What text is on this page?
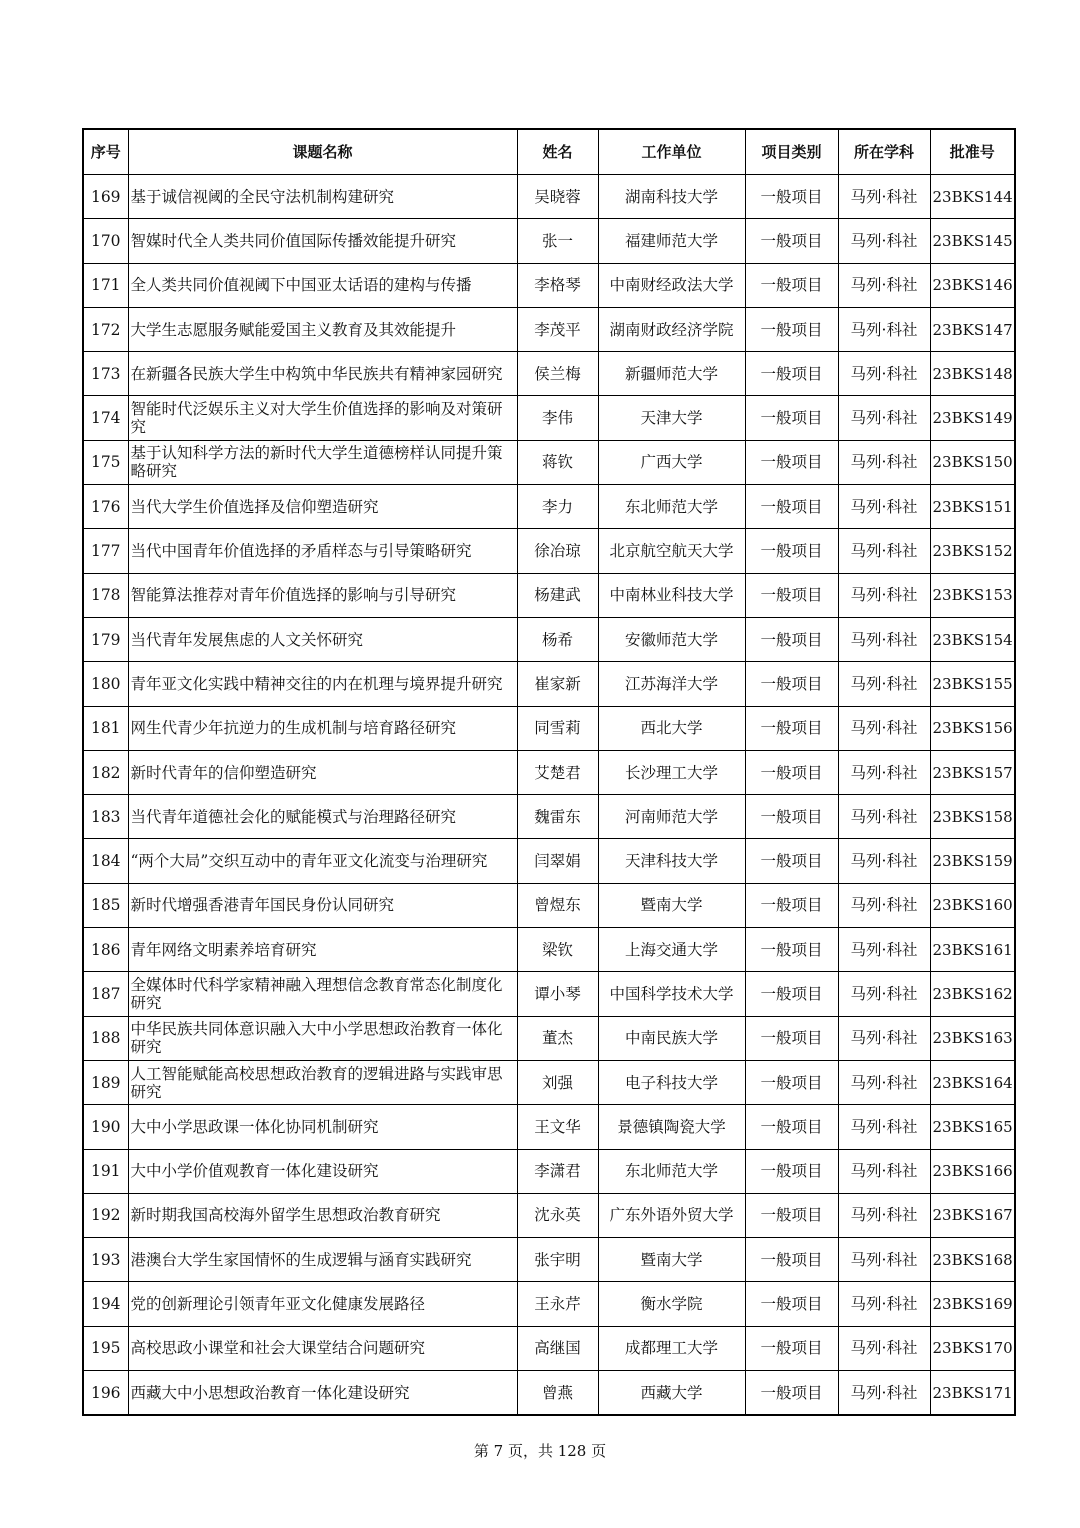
序号	课题名称	姓名	工作单位	项目类别	所在学科	批准号
169	基于诚信视阈的全民守法机制构建研究	吴晓蓉	湖南科技大学	一般项目	马列·科社	23BKS144
170	智媒时代全人类共同价值国际传播效能提升研究	张一	福建师范大学	一般项目	马列·科社	23BKS145
171	全人类共同价值视阈下中国亚太话语的建构与传播	李格琴	中南财经政法大学	一般项目	马列·科社	23BKS146
172	大学生志愿服务赋能爱国主义教育及其效能提升	李茂平	湖南财政经济学院	一般项目	马列·科社	23BKS147
173	在新疆各民族大学生中构筑中华民族共有精神家园研究	侯兰梅	新疆师范大学	一般项目	马列·科社	23BKS148
174	智能时代泛娱乐主义对大学生价值选择的影响及对策研究	李伟	天津大学	一般项目	马列·科社	23BKS149
175	基于认知科学方法的新时代大学生道德榜样认同提升策略研究	蒋钦	广西大学	一般项目	马列·科社	23BKS150
176	当代大学生价值选择及信仰塑造研究	李力	东北师范大学	一般项目	马列·科社	23BKS151
177	当代中国青年价值选择的矛盾样态与引导策略研究	徐冶琼	北京航空航天大学	一般项目	马列·科社	23BKS152
178	智能算法推荐对青年价值选择的影响与引导研究	杨建武	中南林业科技大学	一般项目	马列·科社	23BKS153
179	当代青年发展焦虑的人文关怀研究	杨希	安徽师范大学	一般项目	马列·科社	23BKS154
180	青年亚文化实践中精神交往的内在机理与境界提升研究	崔家新	江苏海洋大学	一般项目	马列·科社	23BKS155
181	网生代青少年抗逆力的生成机制与培育路径研究	同雪莉	西北大学	一般项目	马列·科社	23BKS156
182	新时代青年的信仰塑造研究	艾楚君	长沙理工大学	一般项目	马列·科社	23BKS157
183	当代青年道德社会化的赋能模式与治理路径研究	魏雷东	河南师范大学	一般项目	马列·科社	23BKS158
184	“两个大局”交织互动中的青年亚文化流变与治理研究	闫翠娟	天津科技大学	一般项目	马列·科社	23BKS159
185	新时代增强香港青年国民身份认同研究	曾煜东	暨南大学	一般项目	马列·科社	23BKS160
186	青年网络文明素养培育研究	梁钦	上海交通大学	一般项目	马列·科社	23BKS161
187	全媒体时代科学家精神融入理想信念教育常态化制度化研究	谭小琴	中国科学技术大学	一般项目	马列·科社	23BKS162
188	中华民族共同体意识融入大中小学思想政治教育一体化研究	董杰	中南民族大学	一般项目	马列·科社	23BKS163
189	人工智能赋能高校思想政治教育的逻辑进路与实践审思研究	刘强	电子科技大学	一般项目	马列·科社	23BKS164
190	大中小学思政课一体化协同机制研究	王文华	景德镇陶瓷大学	一般项目	马列·科社	23BKS165
191	大中小学价值观教育一体化建设研究	李潇君	东北师范大学	一般项目	马列·科社	23BKS166
192	新时期我国高校海外留学生思想政治教育研究	沈永英	广东外语外贸大学	一般项目	马列·科社	23BKS167
193	港澳台大学生家国情怀的生成逻辑与涵育实践研究	张宇明	暨南大学	一般项目	马列·科社	23BKS168
194	党的创新理论引领青年亚文化健康发展路径	王永芹	衡水学院	一般项目	马列·科社	23BKS169
195	高校思政小课堂和社会大课堂结合问题研究	高继国	成都理工大学	一般项目	马列·科社	23BKS170
196	西藏大中小思想政治教育一体化建设研究	曾燕	西藏大学	一般项目	马列·科社	23BKS171
第 7 页，共 128 页
